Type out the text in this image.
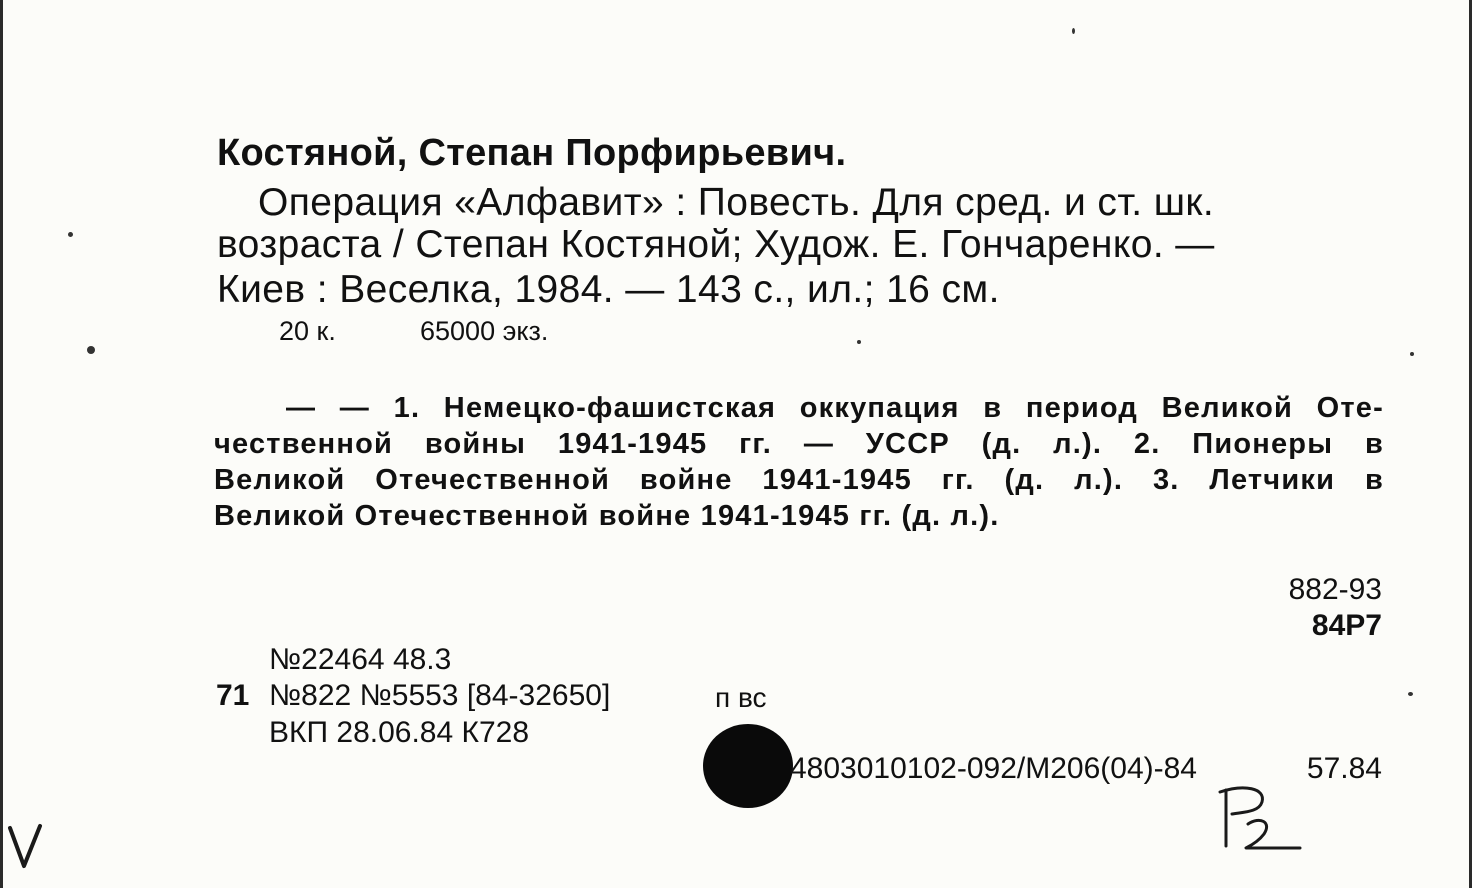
Костяной, Степан Порфирьевич.

Операция «Алфавит» : Повесть. Для сред. и ст. шк.

возраста / Степан Костяной; Худож. Е. Гончаренко. —

Киев : Веселка, 1984. — 143 с., ил.; 16 см.

20 к.	65000 экз.

— — 1. Немецко-фашистская оккупация в период Великой Оте-
чественной войны 1941-1945 гг. — УССР (д. л.). 2. Пионеры в
Великой Отечественной войне 1941-1945 гг. (д. л.). 3. Летчики в
Великой Отечественной войне 1941-1945 гг. (д. л.).

882-93

84Р7

71

№22464 48.3

№822 №5553 [84-32650]	п вс

ВКП 28.06.84 К728

4803010102-092/М206(04)-84	57.84
